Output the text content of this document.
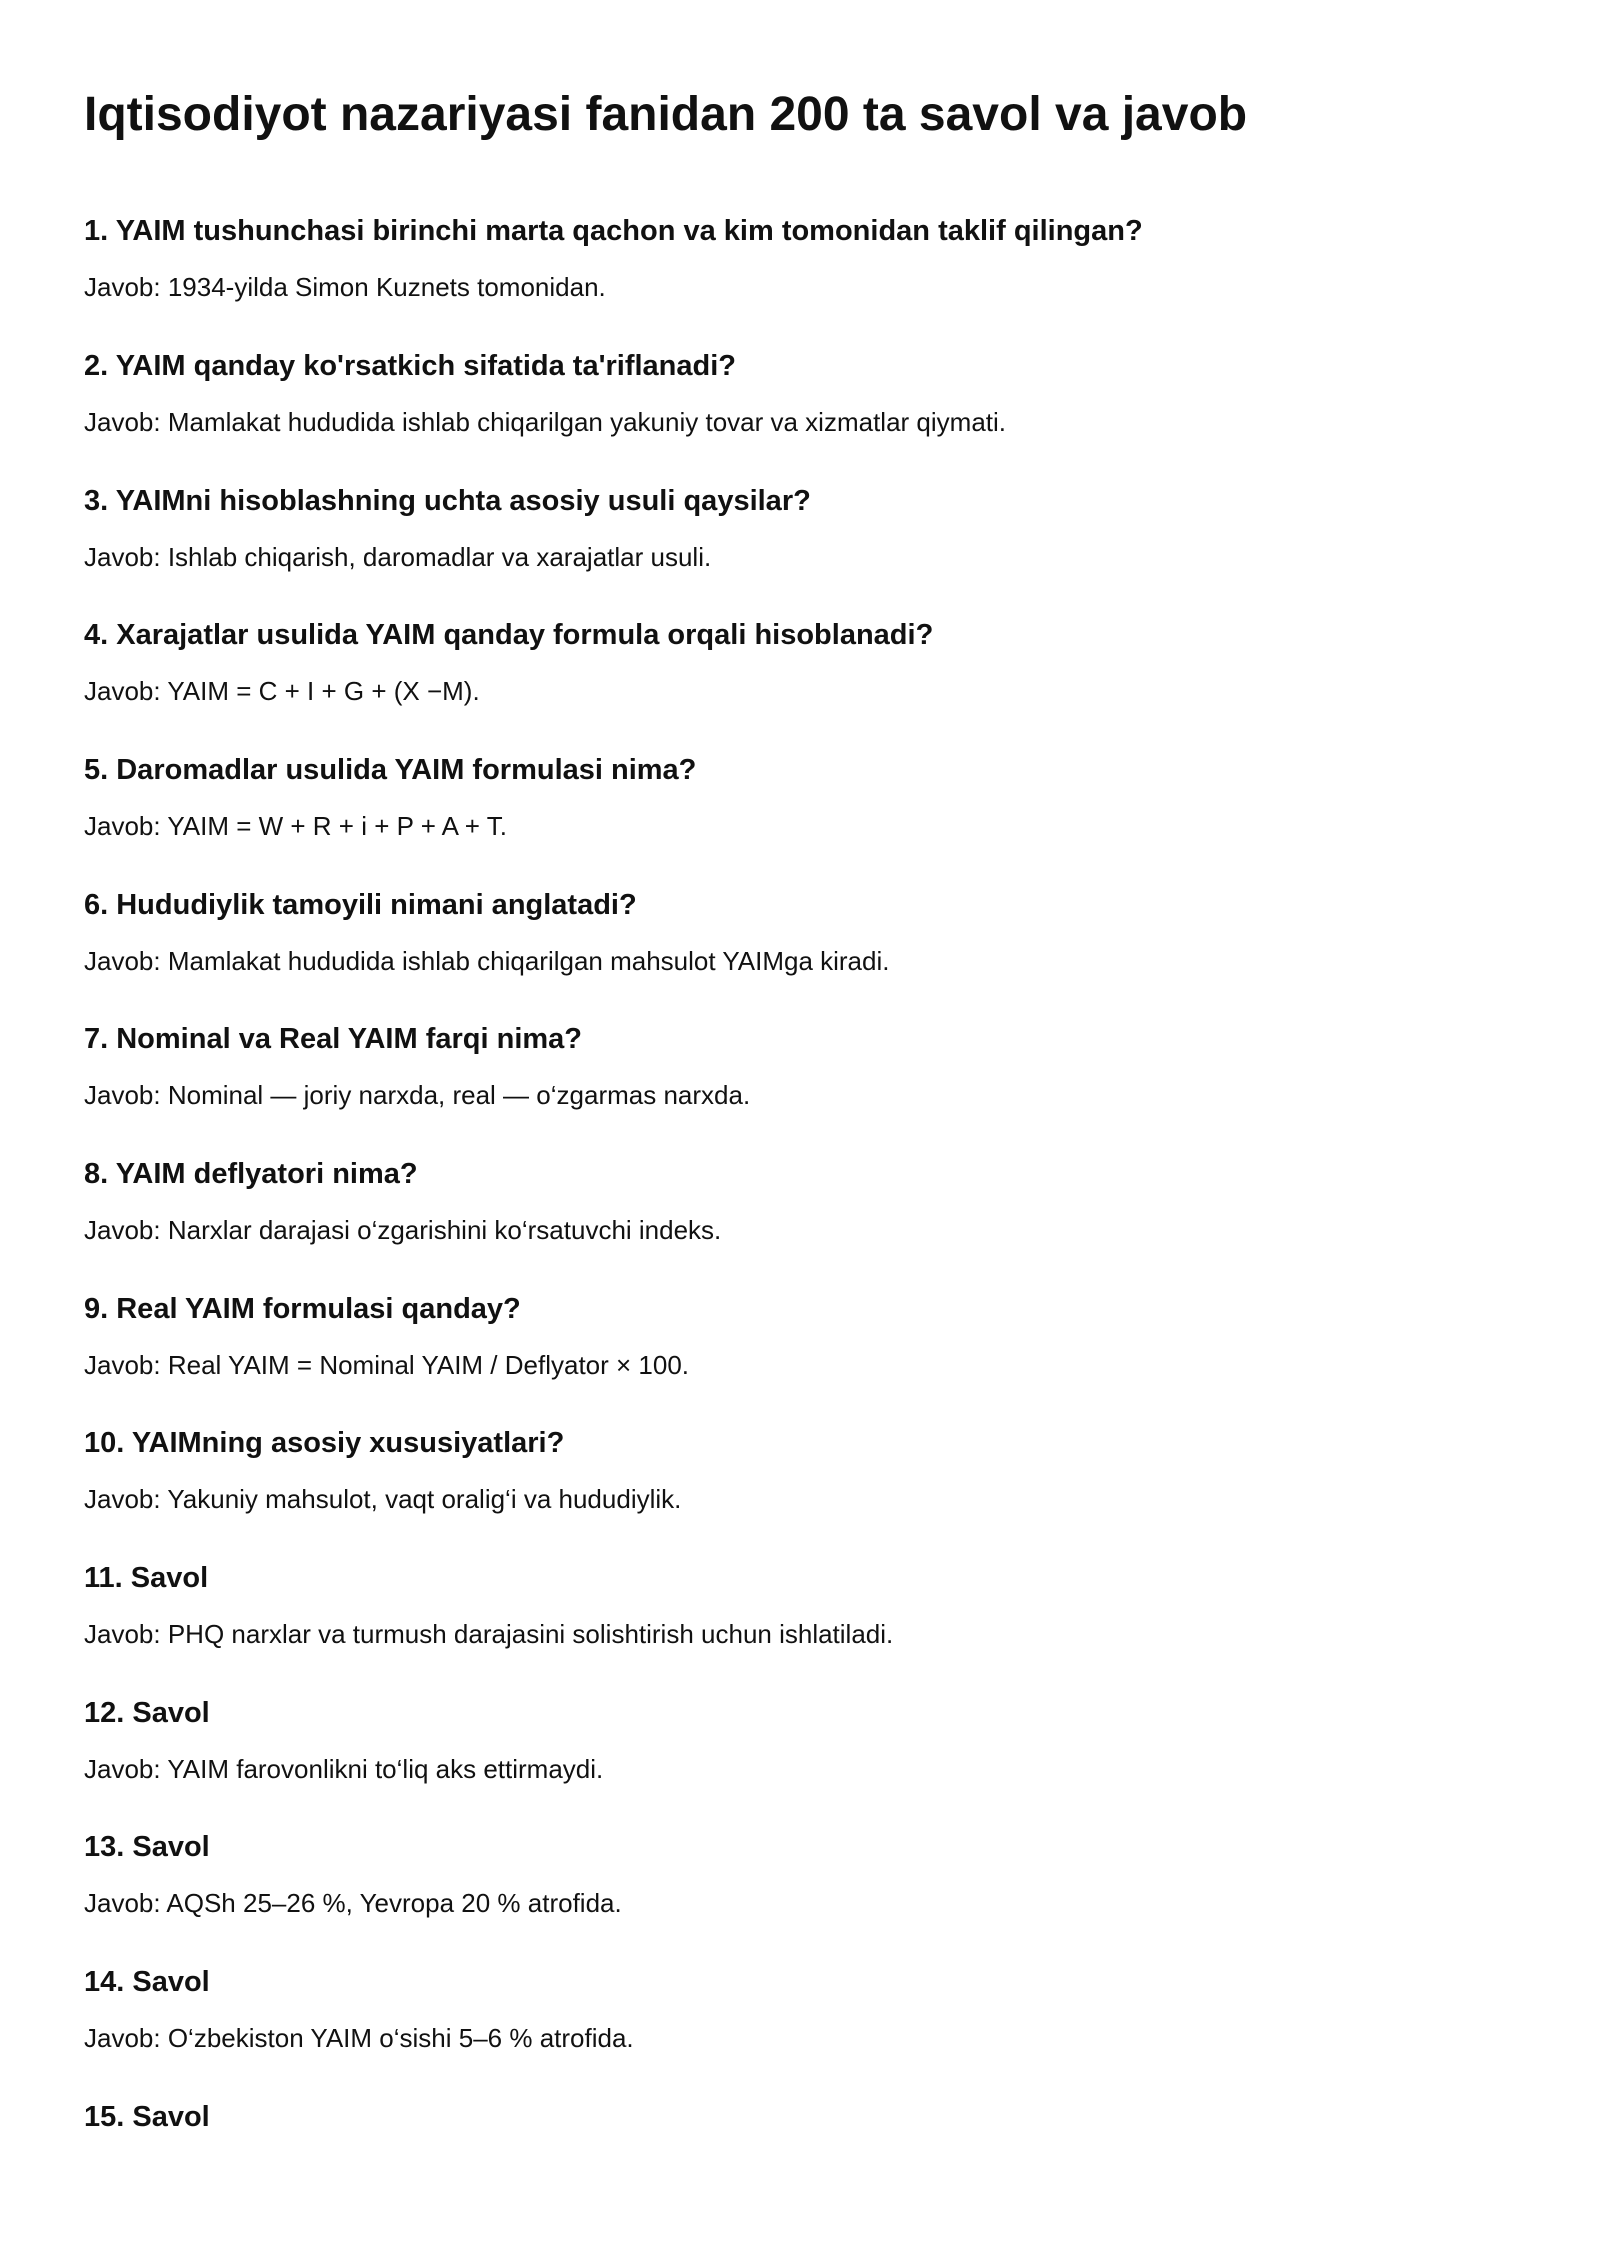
Iqtisodiyot nazariyasi fanidan 200 ta savol va javob

1. YAIM tushunchasi birinchi marta qachon va kim tomonidan taklif qilingan?

Javob: 1934-yilda Simon Kuznets tomonidan.

2. YAIM qanday ko'rsatkich sifatida ta'riflanadi?

Javob: Mamlakat hududida ishlab chiqarilgan yakuniy tovar va xizmatlar qiymati.

3. YAIMni hisoblashning uchta asosiy usuli qaysilar?

Javob: Ishlab chiqarish, daromadlar va xarajatlar usuli.

4. Xarajatlar usulida YAIM qanday formula orqali hisoblanadi?

Javob: YAIM = C + I + G + (X −M).

5. Daromadlar usulida YAIM formulasi nima?

Javob: YAIM = W + R + i + P + A + T.

6. Hududiylik tamoyili nimani anglatadi?

Javob: Mamlakat hududida ishlab chiqarilgan mahsulot YAIMga kiradi.

7. Nominal va Real YAIM farqi nima?

Javob: Nominal — joriy narxda, real — o‘zgarmas narxda.

8. YAIM deflyatori nima?

Javob: Narxlar darajasi o‘zgarishini ko‘rsatuvchi indeks.

9. Real YAIM formulasi qanday?

Javob: Real YAIM = Nominal YAIM / Deflyator × 100.

10. YAIMning asosiy xususiyatlari?

Javob: Yakuniy mahsulot, vaqt oralig‘i va hududiylik.

11. Savol

Javob: PHQ narxlar va turmush darajasini solishtirish uchun ishlatiladi.

12. Savol

Javob: YAIM farovonlikni to‘liq aks ettirmaydi.

13. Savol

Javob: AQSh 25–26 %, Yevropa 20 % atrofida.

14. Savol

Javob: O‘zbekiston YAIM o‘sishi 5–6 % atrofida.

15. Savol
